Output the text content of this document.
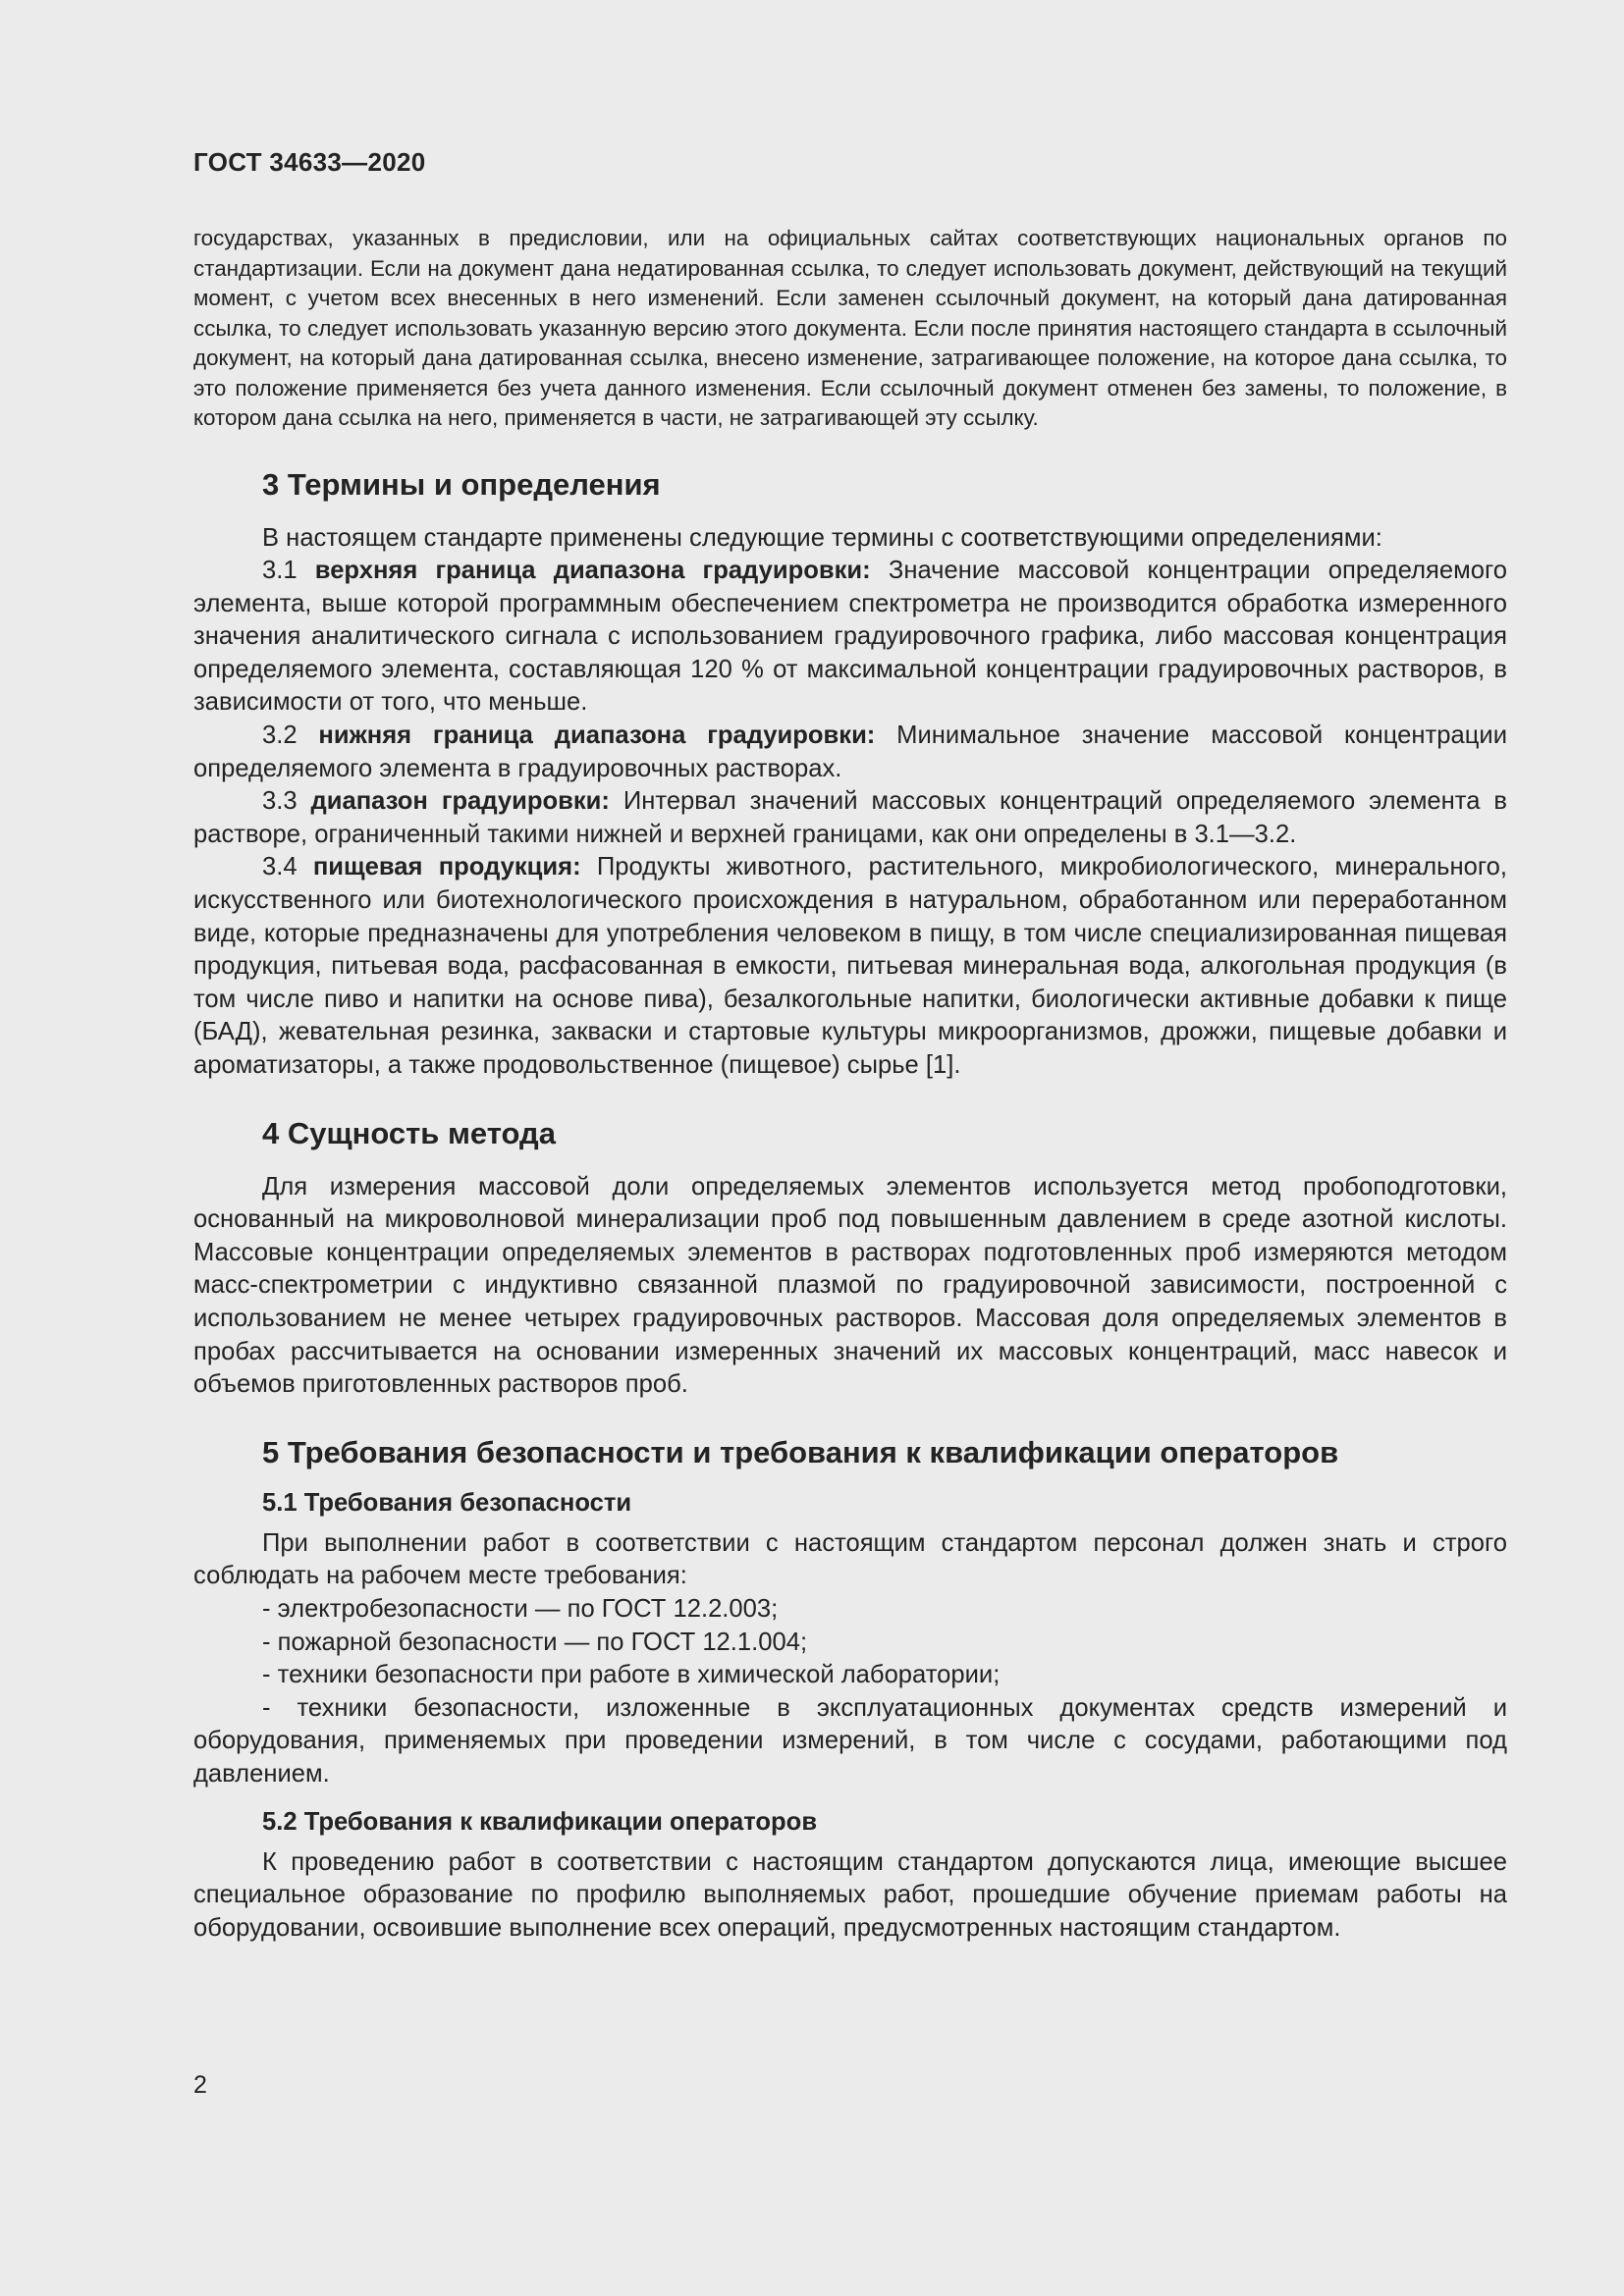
ГОСТ 34633—2020

государствах, указанных в предисловии, или на официальных сайтах соответствующих национальных органов по стандартизации. Если на документ дана недатированная ссылка, то следует использовать документ, действующий на текущий момент, с учетом всех внесенных в него изменений. Если заменен ссылочный документ, на который дана датированная ссылка, то следует использовать указанную версию этого документа. Если после принятия настоящего стандарта в ссылочный документ, на который дана датированная ссылка, внесено изменение, затрагивающее положение, на которое дана ссылка, то это положение применяется без учета данного изменения. Если ссылочный документ отменен без замены, то положение, в котором дана ссылка на него, применяется в части, не затрагивающей эту ссылку.

3 Термины и определения

В настоящем стандарте применены следующие термины с соответствующими определениями:

3.1 верхняя граница диапазона градуировки: Значение массовой концентрации определяемого элемента, выше которой программным обеспечением спектрометра не производится обработка измеренного значения аналитического сигнала с использованием градуировочного графика, либо массовая концентрация определяемого элемента, составляющая 120 % от максимальной концентрации градуировочных растворов, в зависимости от того, что меньше.

3.2 нижняя граница диапазона градуировки: Минимальное значение массовой концентрации определяемого элемента в градуировочных растворах.

3.3 диапазон градуировки: Интервал значений массовых концентраций определяемого элемента в растворе, ограниченный такими нижней и верхней границами, как они определены в 3.1—3.2.

3.4 пищевая продукция: Продукты животного, растительного, микробиологического, минерального, искусственного или биотехнологического происхождения в натуральном, обработанном или переработанном виде, которые предназначены для употребления человеком в пищу, в том числе специализированная пищевая продукция, питьевая вода, расфасованная в емкости, питьевая минеральная вода, алкогольная продукция (в том числе пиво и напитки на основе пива), безалкогольные напитки, биологически активные добавки к пище (БАД), жевательная резинка, закваски и стартовые культуры микроорганизмов, дрожжи, пищевые добавки и ароматизаторы, а также продовольственное (пищевое) сырье [1].

4 Сущность метода

Для измерения массовой доли определяемых элементов используется метод пробоподготовки, основанный на микроволновой минерализации проб под повышенным давлением в среде азотной кислоты. Массовые концентрации определяемых элементов в растворах подготовленных проб измеряются методом масс-спектрометрии с индуктивно связанной плазмой по градуировочной зависимости, построенной с использованием не менее четырех градуировочных растворов. Массовая доля определяемых элементов в пробах рассчитывается на основании измеренных значений их массовых концентраций, масс навесок и объемов приготовленных растворов проб.

5 Требования безопасности и требования к квалификации операторов
5.1 Требования безопасности

При выполнении работ в соответствии с настоящим стандартом персонал должен знать и строго соблюдать на рабочем месте требования:

- электробезопасности — по ГОСТ 12.2.003;

- пожарной безопасности — по ГОСТ 12.1.004;

- техники безопасности при работе в химической лаборатории;

- техники безопасности, изложенные в эксплуатационных документах средств измерений и оборудования, применяемых при проведении измерений, в том числе с сосудами, работающими под давлением.

5.2 Требования к квалификации операторов

К проведению работ в соответствии с настоящим стандартом допускаются лица, имеющие высшее специальное образование по профилю выполняемых работ, прошедшие обучение приемам работы на оборудовании, освоившие выполнение всех операций, предусмотренных настоящим стандартом.

2
